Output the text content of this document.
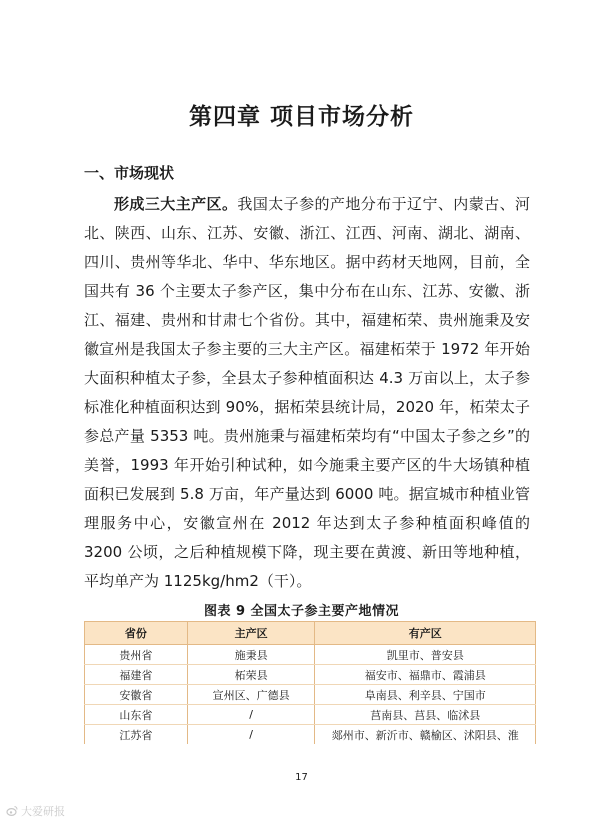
第四章 项目市场分析
一、市场现状

形成三大主产区。我国太子参的产地分布于辽宁、内蒙古、河北、陕西、山东、江苏、安徽、浙江、江西、河南、湖北、湖南、四川、贵州等华北、华中、华东地区。据中药材天地网，目前，全国共有 36 个主要太子参产区，集中分布在山东、江苏、安徽、浙江、福建、贵州和甘肃七个省份。其中，福建柘荣、贵州施秉及安徽宣州是我国太子参主要的三大主产区。福建柘荣于 1972 年开始大面积种植太子参，全县太子参种植面积达 4.3 万亩以上，太子参标准化种植面积达到 90%，据柘荣县统计局，2020 年，柘荣太子参总产量 5353 吨。贵州施秉与福建柘荣均有“中国太子参之乡”的美誉，1993 年开始引种试种，如今施秉主要产区的牛大场镇种植面积已发展到 5.8 万亩，年产量达到 6000 吨。据宣城市种植业管理服务中心，安徽宣州在 2012 年达到太子参种植面积峰值的 3200 公顷，之后种植规模下降，现主要在黄渡、新田等地种植，平均单产为 1125kg/hm2（干）。

图表 9 全国太子参主要产地情况
省份	主产区	有产区
贵州省	施秉县	凯里市、普安县
福建省	柘荣县	福安市、福鼎市、霞浦县
安徽省	宣州区、广德县	阜南县、利辛县、宁国市
山东省	/	莒南县、莒县、临沭县
江苏省	/	郯州市、新沂市、赣榆区、沭阳县、淮
17
大爱研报
